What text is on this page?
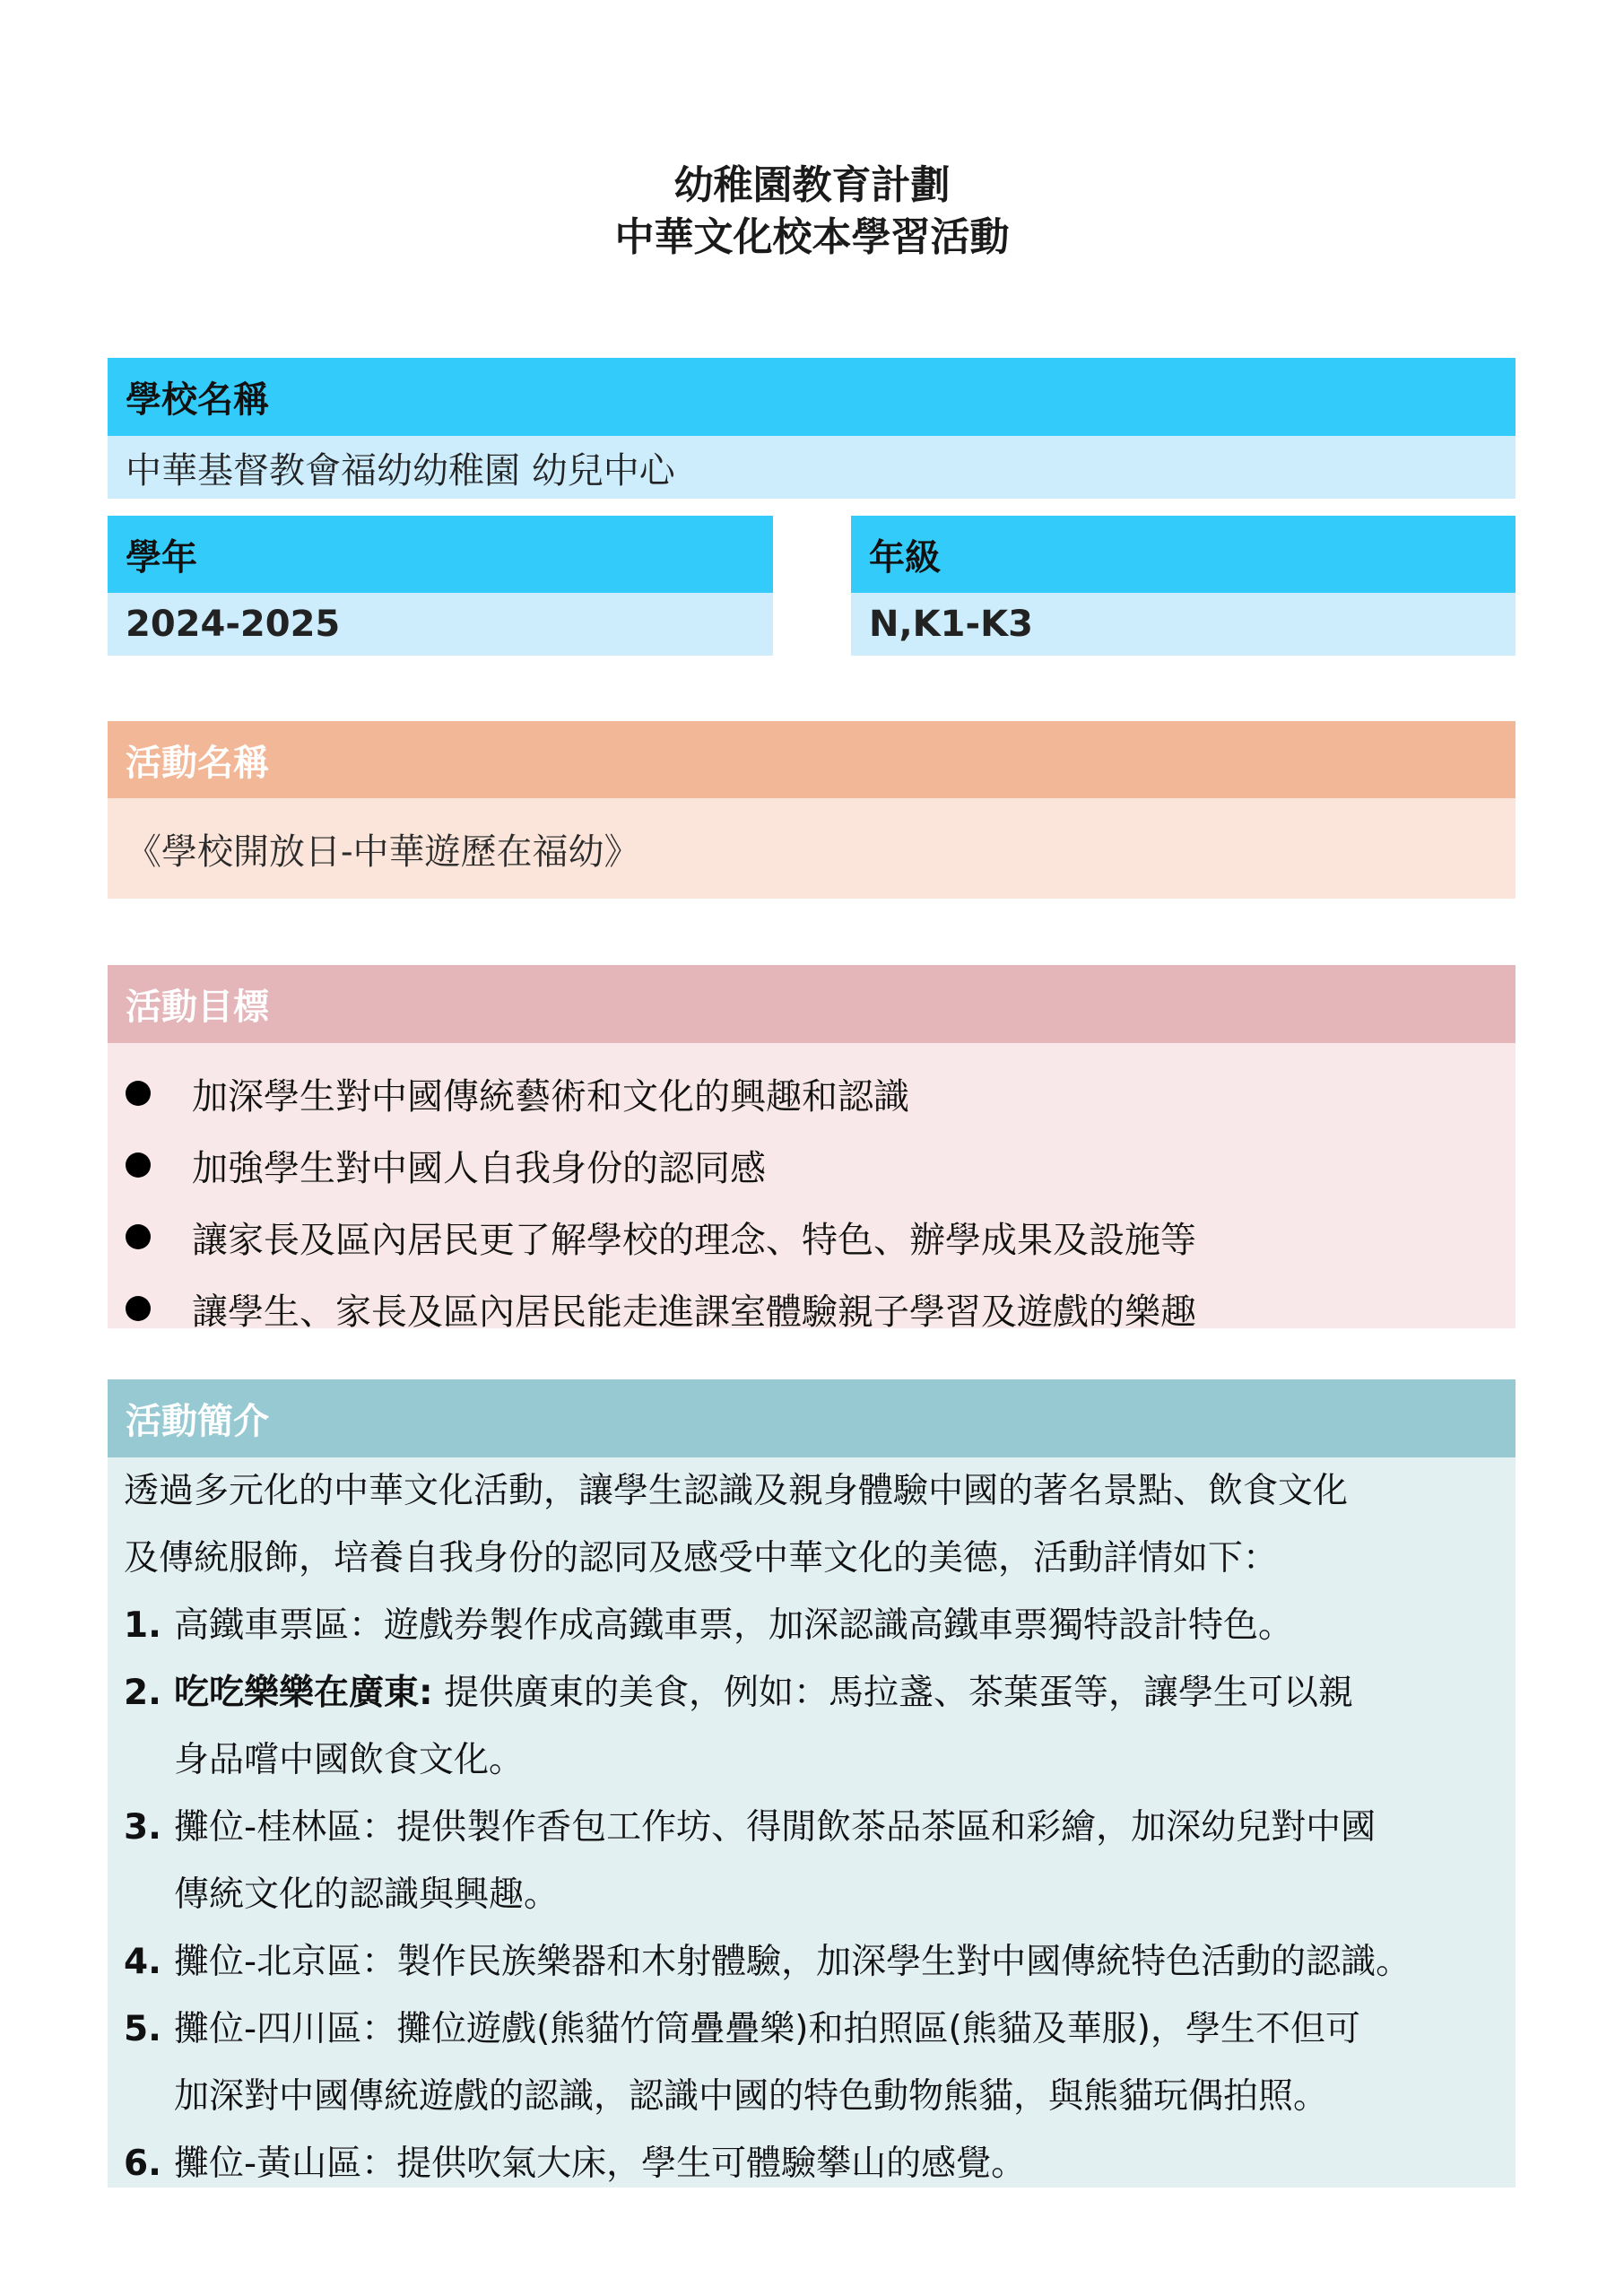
幼稚園教育計劃
中華文化校本學習活動
學校名稱
中華基督教會福幼幼稚園 幼兒中心
學年
2024-2025
年級
N,K1-K3
活動名稱
《學校開放日-中華遊歷在福幼》
活動目標
加深學生對中國傳統藝術和文化的興趣和認識
加強學生對中國人自我身份的認同感
讓家長及區內居民更了解學校的理念、特色、辦學成果及設施等
讓學生、家長及區內居民能走進課室體驗親子學習及遊戲的樂趣
活動簡介
透過多元化的中華文化活動，讓學生認識及親身體驗中國的著名景點、飲食文化
及傳統服飾，培養自我身份的認同及感受中華文化的美德，活動詳情如下：
1. 高鐵車票區：遊戲券製作成高鐵車票，加深認識高鐵車票獨特設計特色。
2. 吃吃樂樂在廣東: 提供廣東的美食，例如：馬拉盞、茶葉蛋等，讓學生可以親
身品嚐中國飲食文化。
3. 攤位-桂林區：提供製作香包工作坊、得閒飲茶品茶區和彩繪，加深幼兒對中國
傳統文化的認識與興趣。
4. 攤位-北京區：製作民族樂器和木射體驗，加深學生對中國傳統特色活動的認識。
5. 攤位-四川區：攤位遊戲(熊貓竹筒疊疊樂)和拍照區(熊貓及華服)，學生不但可
加深對中國傳統遊戲的認識，認識中國的特色動物熊貓，與熊貓玩偶拍照。
6. 攤位-黃山區：提供吹氣大床，學生可體驗攀山的感覺。
